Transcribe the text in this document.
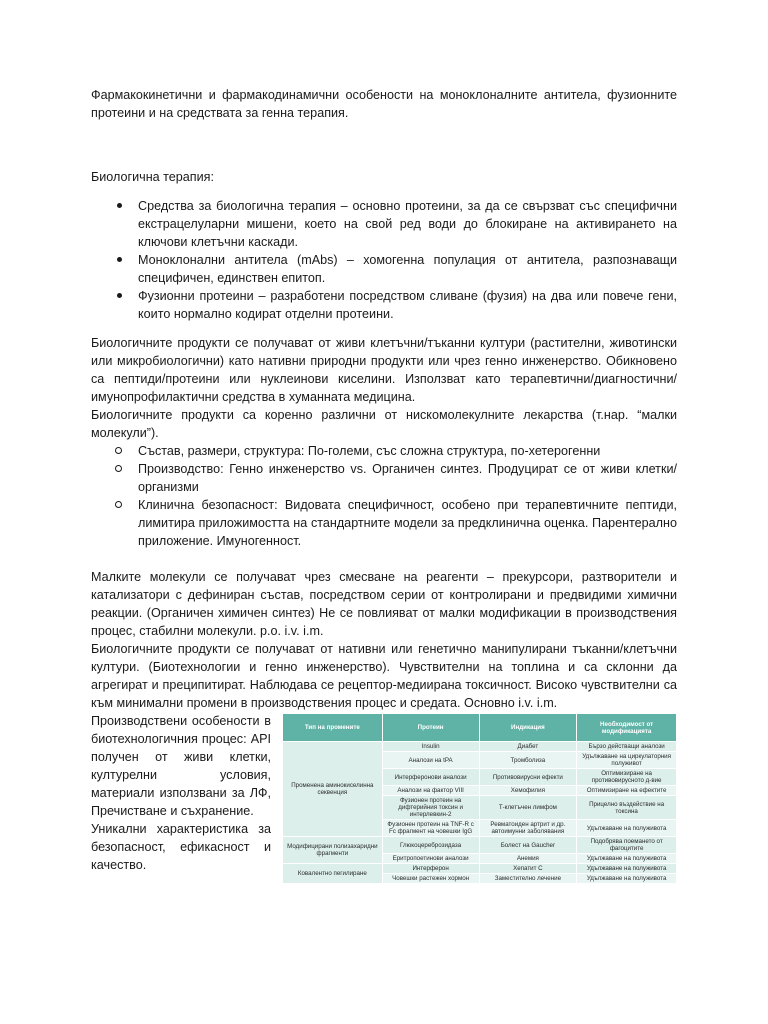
Фармакокинетични и фармакодинамични особености на моноклоналните антитела, фузионните протеини и на средствата за генна терапия.

Биологична терапия:

Средства за биологична терапия – основно протеини, за да се свързват със специфични екстрацелуларни мишени, което на свой ред води до блокиране на активирането на ключови клетъчни каскади.
Моноклонални антитела (mAbs) – хомогенна популация от антитела, разпознаващи специфичен, единствен епитоп.
Фузионни протеини – разработени посредством сливане (фузия) на два или повече гени, които нормално кодират отделни протеини.

Биологичните продукти се получават от живи клетъчни/тъканни култури (растителни, животински или микробиологични) като нативни природни продукти или чрез генно инженерство. Обикновено са пептиди/протеини или нуклеинови киселини. Използват като терапевтични/диагностични/ имунопрофилактични средства в хуманната медицина.

Биологичните продукти са коренно различни от нискомолекулните лекарства (т.нар. “малки молекули”).

Състав, размери, структура: По-големи, със сложна структура, по-хетерогенни
Производство: Генно инженерство vs. Органичен синтез. Продуцират се от живи клетки/организми
Клинична безопасност: Видовата специфичност, особено при терапевтичните пептиди, лимитира приложимостта на стандартните модели за предклинична оценка. Парентерално приложение. Имуногенност.

Малките молекули се получават чрез смесване на реагенти – прекурсори, разтворители и катализатори с дефиниран състав, посредством серии от контролирани и предвидими химични реакции. (Органичен химичен синтез) Не се повлияват от малки модификации в производствения процес, стабилни молекули. p.o. i.v. i.m.

Биологичните продукти се получават от нативни или генетично манипулирани тъканни/клетъчни култури. (Биотехнологии и генно инженерство). Чувствителни на топлина и са склонни да агрегират и преципитират. Наблюдава се рецептор-медиирана токсичност. Високо чувствителни са към минимални промени в производствения процес и средата. Основно i.v. i.m.

Производствени особености в биотехнологичния процес: API получен от живи клетки, културелни условия, материали използвани за ЛФ, Пречистване и съхранение.

Уникални характеристика за безопасност, ефикасност и качество.

Тип на промените	Протеин	Индикация	Необходимост от модификацията
Променена аминокиселинна секвенция	Insulin	Диабет	Бързо действащи аналози
	Аналози на tPA	Тромболиза	Удължаване на циркулаторния полуживот
	Интерферонови аналози	Противовирусни ефекти	Оптимизиране на противовирусното д-вие
	Аналози на фактор VIII	Хемофилия	Оптимизиране на ефектите
	Фузионен протеин на дифтерийния токсин и интерлевкин-2	Т-клетъчен лимфом	Прицелно въздействие на токсина
	Фузионен протеин на TNF-R с Fc фрагмент на човешки IgG	Ревматоиден артрит и др. автоимунни заболявания	Удължаване на полуживота
Модифицирани полизахаридни фрагменти	Глюкоцереброзидаза	Болест на Gaucher	Подобрява поемането от фагоцитите
	Еритропоетинови аналози	Анемия	Удължаване на полуживота
Ковалентно пегилиране	Интерферон	Хепатит С	Удължаване на полуживота
	Човешки растежен хормон	Заместително лечение	Удължаване на полуживота
